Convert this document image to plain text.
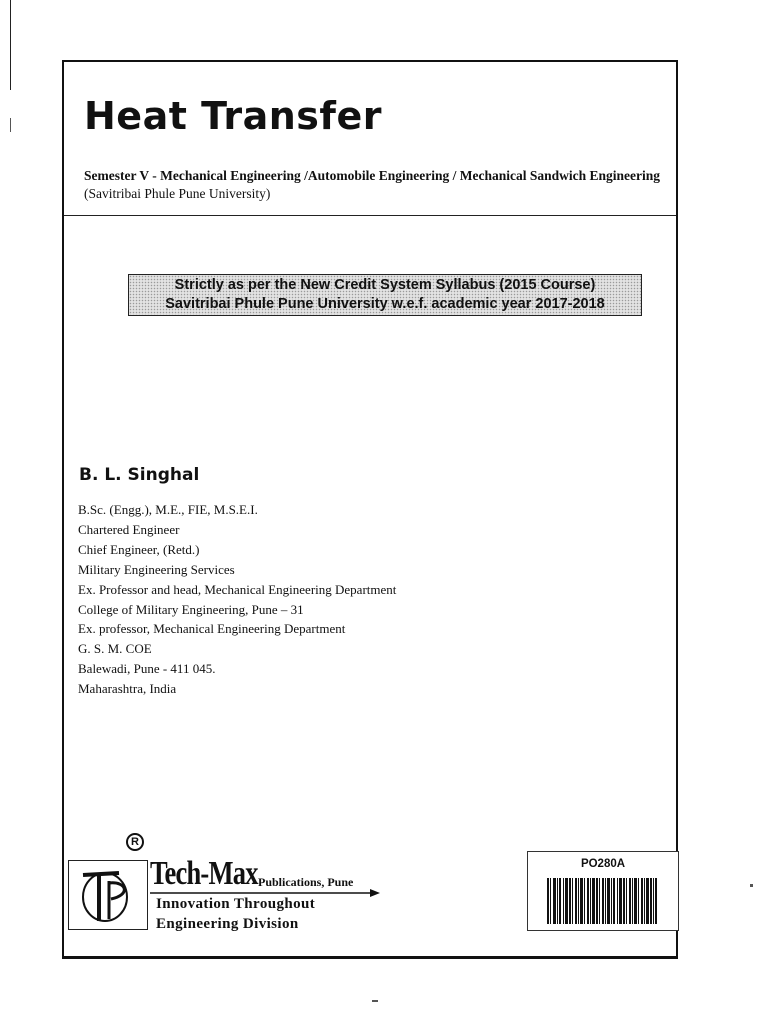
Heat Transfer
Semester V - Mechanical Engineering /Automobile Engineering / Mechanical Sandwich Engineering
(Savitribai Phule Pune University)
Strictly as per the New Credit System Syllabus (2015 Course)
Savitribai Phule Pune University w.e.f. academic year 2017-2018
B. L. Singhal
B.Sc. (Engg.), M.E., FIE, M.S.E.I.
Chartered Engineer
Chief Engineer, (Retd.)
Military Engineering Services
Ex. Professor and head, Mechanical Engineering Department
College of Military Engineering, Pune – 31
Ex. professor, Mechanical Engineering Department
G. S. M. COE
Balewadi, Pune - 411 045.
Maharashtra, India
R
Tech-Max Publications, Pune
Innovation Throughout
Engineering Division
PO280A
